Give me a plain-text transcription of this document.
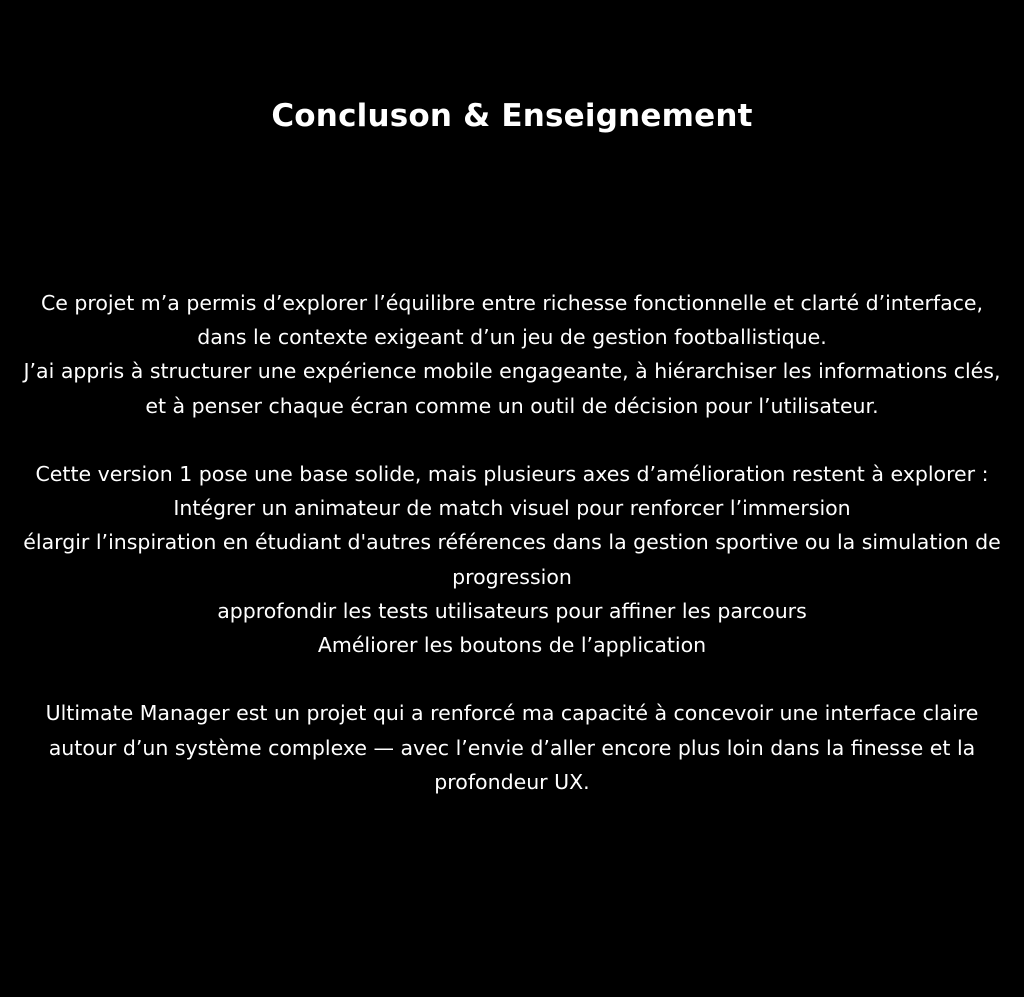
Concluson & Enseignement

Ce projet m’a permis d’explorer l’équilibre entre richesse fonctionnelle et clarté d’interface, dans le contexte exigeant d’un jeu de gestion footballistique.

J’ai appris à structurer une expérience mobile engageante, à hiérarchiser les informations clés, et à penser chaque écran comme un outil de décision pour l’utilisateur.

Cette version 1 pose une base solide, mais plusieurs axes d’amélioration restent à explorer :

Intégrer un animateur de match visuel pour renforcer l’immersion

élargir l’inspiration en étudiant d'autres références dans la gestion sportive ou la simulation de progression

approfondir les tests utilisateurs pour affiner les parcours

Améliorer les boutons de l’application

Ultimate Manager est un projet qui a renforcé ma capacité à concevoir une interface claire autour d’un système complexe — avec l’envie d’aller encore plus loin dans la finesse et la profondeur UX.
